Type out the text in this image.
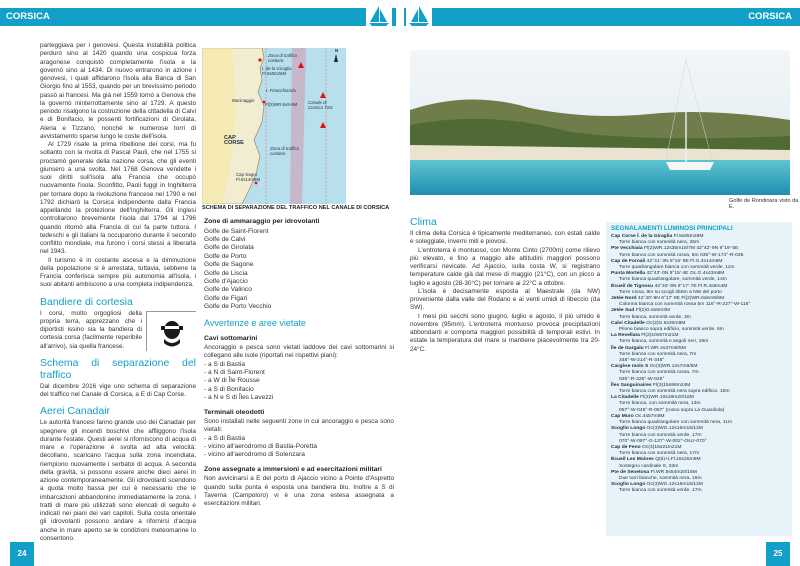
CORSICA	CORSICA

parteggiava per i genovesi. Questa instabilità politica perdurò sino al 1420 quando una cospicua forza aragonese conquistò completamente l'isola e la governò sino al 1434. Di nuovo entrarono in azione i genovesi, i quali affidarono l'isola alla Banca di San Giorgio fino al 1553, quando per un brevissimo periodo passò ai francesi. Ma già nel 1559 tornò a Genova che la governò ininterrottamente sino al 1729. A questo periodo risalgono la costruzione della cittadella di Calvi e di Bonifacio, le possenti fortificazioni di Girolata, Aleria e Tizzano, nonché le numerose torri di avvistamento sparse lungo le coste dell'isola.

Al 1729 risale la prima ribellione dei corsi, ma fu soltanto con la rivolta di Pascal Pauli, che nel 1755 si proclamò generale della nazione corsa, che gli eventi giunsero a una svolta. Nel 1768 Genova vendette i suoi diritti sull'isola alla Francia che occupò nuovamente l'isola. Sconfitto, Paoli fuggì in Inghilterra per tornare dopo la rivoluzione francese nel 1790 e nel 1792 dichiarò la Corsica indipendente dalla Francia appellando la protezione dell'Inghilterra. Gli inglesi controllarono brevemente l'isola dal 1794 al 1796 quando ritornò alla Francia di cui fa parte tuttora. I tedeschi e gli italiani la occuparono durante il secondo conflitto mondiale, ma furono i corsi stessi a liberarla nel 1943.

Il turismo è in costante ascesa e la diminuzione della popolazione si è arrestata, tuttavia, sebbene la Francia conferisca sempre più autonomia all'isola, i suoi abitanti ambiscono a una completa indipendenza.

Bandiere di cortesia

I corsi, molto orgogliosi della propria terra, apprezzano che i diportisti issino sia la bandiera di cortesia corsa (facilmente reperibile all'arrivo), sia quella francese.

Schema di separazione del traffico

Dal dicembre 2016 vige uno schema di separazione del traffico nel Canale di Corsica, a E di Cap Corse.

Aerei Canadair

Le autorità francesi fanno grande uso dei Canadair per spegnere gli incendi boschivi che affliggono l'isola durante l'estate. Questi aerei si riforniscono di acqua di mare e l'operazione è svolta ad alta velocità: decollano, scaricano l'acqua sulla zona incendiata, riempiono nuovamente i serbatoi di acqua. A seconda della gravità, si possono essere anche dieci aerei in azione contemporaneamente. Gli idrovolanti scendono a quota molto bassa per cui è necessario che le imbarcazioni abbandonino immediatamente la zona. I tratti di mare più utilizzati sono elencati di seguito e indicati nei piani dei vari capitoli. Sulla costa orientale gli idrovolanti possono andare a rifornirsi d'acqua anche in mare aperto se le condizioni meteomarine lo consentono.

N
Zona di traffico costiero
I. de la Giraglia Fl.5s8m28M
I. Finocchiarola
Macinaggio
Fl(2)WR.6s9-8M Canale di Corsica TSS
CAP CORSE
Zona di traffico costiero
Cap Sagro Fl.6s14m9M
SCHEMA DI SEPARAZIONE DEL TRAFFICO NEL CANALE DI CORSICA
Zone di ammaraggio per idrovolanti
Golfe de Saint-Florent
Golfe de Calvi
Golfe de Girolata
Golfe de Porto
Golfe de Sagone
Golfe de Liscia
Golfe d'Ajaccio
Golfe de Valinco
Golfe de Figari
Golfe de Porto Vecchio
Avvertenze e aree vietate
Cavi sottomarini

Ancoraggio e pesca sono vietati laddove dei cavi sottomarini si collegano alle isole (riportati nei rispettivi piani):

- a S di Bastia
- a N di Saint-Florent
- a W di Île Rousse
- a S di Bonifacio
- a N e S di Îles Lavezzi
Terminali oleodotti

Sono installati nelle seguenti zone in cui ancoraggio e pesca sono vietati:

- a S di Bastia
- vicino all'aerodromo di Bastia-Poretta
- vicino all'aerodromo di Solenzara
Zone assegnate a immersioni e ad esercitazioni militari

Non avvicinarsi a E del porto di Ajaccio vicino a Pointe d'Aspretto quando sulla punta è esposta una bandiera blu. Inoltre a S di Taverna (Campoloro) vi è una zona estesa assegnata a esercitazioni militari.

Golfe de Rondinara visto da E.
Clima

Il clima della Corsica è tipicamente mediterraneo, con estati calde e soleggiate, inverni miti e piovosi.

L'entroterra è montuoso, con Monte Cinto (2700m) come rilievo più elevato, e fino a maggio alle altitudini maggiori possono verificarsi nevicate. Ad Ajaccio, sulla costa W, si registrano temperature calde già dal mese di maggio (21°C), con un picco a luglio e agosto (28-30°C) per tornare ai 22°C a ottobre.

L'isola è decisamente esposta al Maestrale (da NW) proveniente dalla valle del Rodano e ai venti umidi di libeccio (da SW).

I mesi più secchi sono giugno, luglio e agosto, il più umido è novembre (95mm). L'entroterra montuoso provoca precipitazioni abbondanti e comporta maggiori possibilità di temporali estivi. In estate la temperatura del mare si mantiene piacevolmente tra 20-24°C.

SEGNALAMENTI LUMINOSI PRINCIPALI
Cap Corse Î. de la Giraglia Fl.5s85m28M
Torre bianca con sommità nera, 26m
Pte Vecchiaia Fl(2)WR.12s35m18/7M 42°42'·9N 9°19'·5E
Torre bianca con sommità rossa, 5m 035°-W-174°-R-035
Cap de Fornali 42°41'·3N 9°16'·9E Fl.G.4s14m6M
Torre quadrangolare bianca con sommità verde, 11m
Punta Mortella 42°43'·0N 9°15'·4E Oc.G.4s43m8M
Torre bianca quadrangolare, sommità verde, 14m
Écueil de Tignosu 42°40'·9N 9°17'·7E Fl.R.4s6m4M
Torre rossa, 8m su scogli 350m a NW del porto
Jetée Nord 42°40'·8N 9°17'·9E Fl(2)WR.6s6m9/6M
Colonna bianca con sommità rossa 5m 116°-R-227°-W-116°
Jetée Sud Fl(2)G.6s6m3M
Torre bianca, sommità verde, 3m
Calvi Citadelle Oc(2)G.6s30m8M
Pilone bianco sopra edificio, sommità verde, 6m
La Revellata Fl(2)10s97m21M
Torre bianca, sommità e angoli neri, 19m
Île de Gargalu Fl.WR.4s37m8/5M
Torre bianca con sommità nera, 7m
348°-W-214°-R-348°
Cargèse molo S Oc(3)WR.12s7m9/6M
Torre bianca con sommità rossa, 7m
025°-R-325°-W-025°
Îles Sanguinaires Fl(3)15s98m24M
Torre bianca con sommità nera sopra edificio, 18m
La Citadelle Fl(2)WR.10s19m20/16M
Torre bianca, con sommità nera, 13m
057°-W-045°-R-057° (rosso sopra La Guardiola)
Cap Muro Oc.4s57m8M
Torre bianca quadrangolare con sommità nera, 11m
Scoglio Longo Oc(3)WG.12s16m15/12M
Torre bianca con sommità verde, 17m
070°-W-097°-G-137°-W-002°-Oscr-070°
Cap de Feno Oc(4)15s21m21M
Torre bianca con sommità nera, 17m
Écueil Les Moines Q(6)+LFl.15s26m9M
Sostegno cardinale S, 33m
Pte de Senetosa Fl.WR.5s54m20/16M
Due torri bianche, sommità nera, 16m
Scoglio Longo Oc(3)WG.12s16m15/12M
Torre bianca con sommità verde, 17m
24	25
